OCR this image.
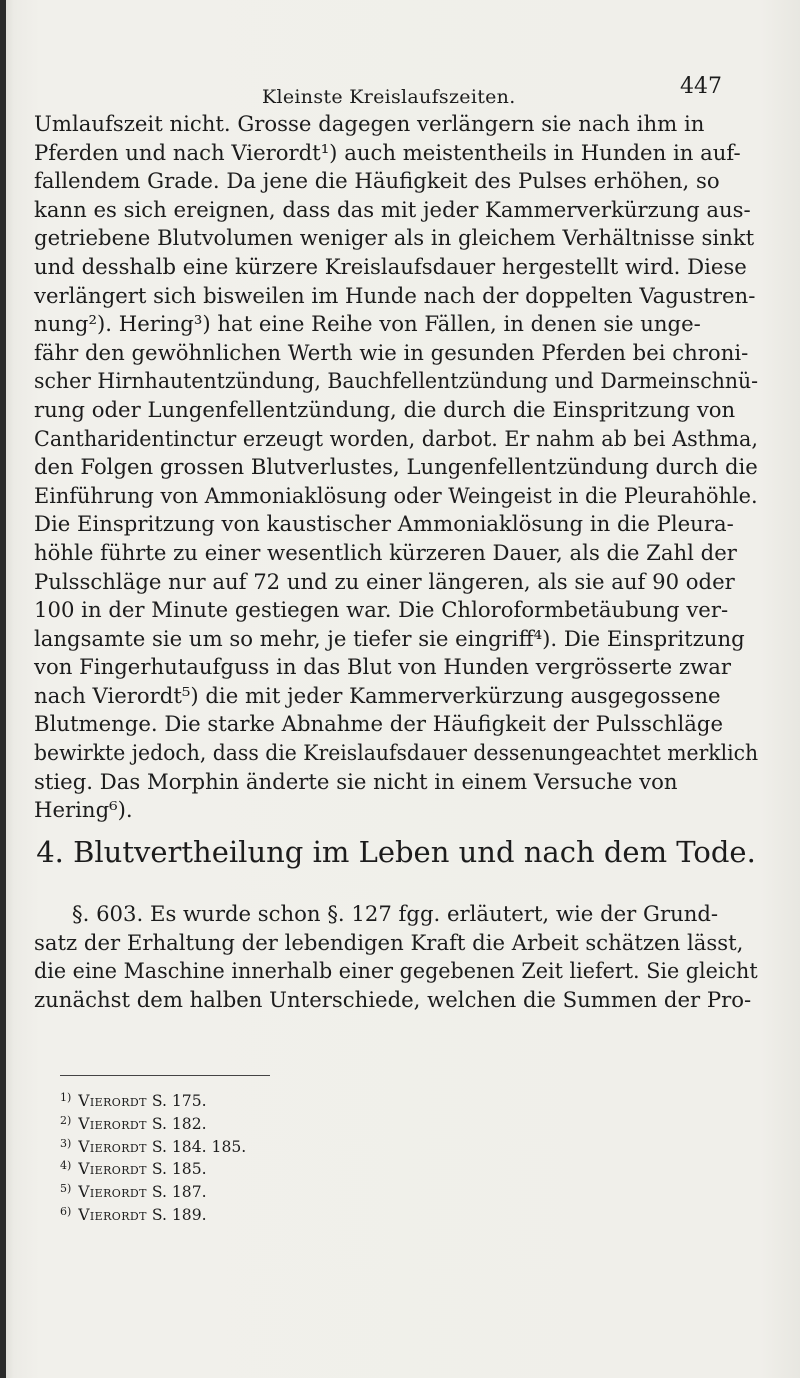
Kleinste Kreislaufszeiten.	447
Umlaufszeit nicht. Grosse dagegen verlängern sie nach ihm in
Pferden und nach Vierordt¹) auch meistentheils in Hunden in auf-
fallendem Grade. Da jene die Häufigkeit des Pulses erhöhen, so
kann es sich ereignen, dass das mit jeder Kammerverkürzung aus-
getriebene Blutvolumen weniger als in gleichem Verhältnisse sinkt
und desshalb eine kürzere Kreislaufsdauer hergestellt wird. Diese
verlängert sich bisweilen im Hunde nach der doppelten Vagustren-
nung²). Hering³) hat eine Reihe von Fällen, in denen sie unge-
fähr den gewöhnlichen Werth wie in gesunden Pferden bei chroni-
scher Hirnhautentzündung, Bauchfellentzündung und Darmeinschnü-
rung oder Lungenfellentzündung, die durch die Einspritzung von
Cantharidentinctur erzeugt worden, darbot. Er nahm ab bei Asthma,
den Folgen grossen Blutverlustes, Lungenfellentzündung durch die
Einführung von Ammoniaklösung oder Weingeist in die Pleurahöhle.
Die Einspritzung von kaustischer Ammoniaklösung in die Pleura-
höhle führte zu einer wesentlich kürzeren Dauer, als die Zahl der
Pulsschläge nur auf 72 und zu einer längeren, als sie auf 90 oder
100 in der Minute gestiegen war. Die Chloroformbetäubung ver-
langsamte sie um so mehr, je tiefer sie eingriff⁴). Die Einspritzung
von Fingerhutaufguss in das Blut von Hunden vergrösserte zwar
nach Vierordt⁵) die mit jeder Kammerverkürzung ausgegossene
Blutmenge. Die starke Abnahme der Häufigkeit der Pulsschläge
bewirkte jedoch, dass die Kreislaufsdauer dessenungeachtet merklich
stieg. Das Morphin änderte sie nicht in einem Versuche von
Hering⁶).
4. Blutvertheilung im Leben und nach dem Tode.
§. 603. Es wurde schon §. 127 fgg. erläutert, wie der Grund-
satz der Erhaltung der lebendigen Kraft die Arbeit schätzen lässt,
die eine Maschine innerhalb einer gegebenen Zeit liefert. Sie gleicht
zunächst dem halben Unterschiede, welchen die Summen der Pro-
$^{1)}$ Vierordt S. 175.
$^{2)}$ Vierordt S. 182.
$^{3)}$ Vierordt S. 184. 185.
$^{4)}$ Vierordt S. 185.
$^{5)}$ Vierordt S. 187.
$^{6)}$ Vierordt S. 189.
